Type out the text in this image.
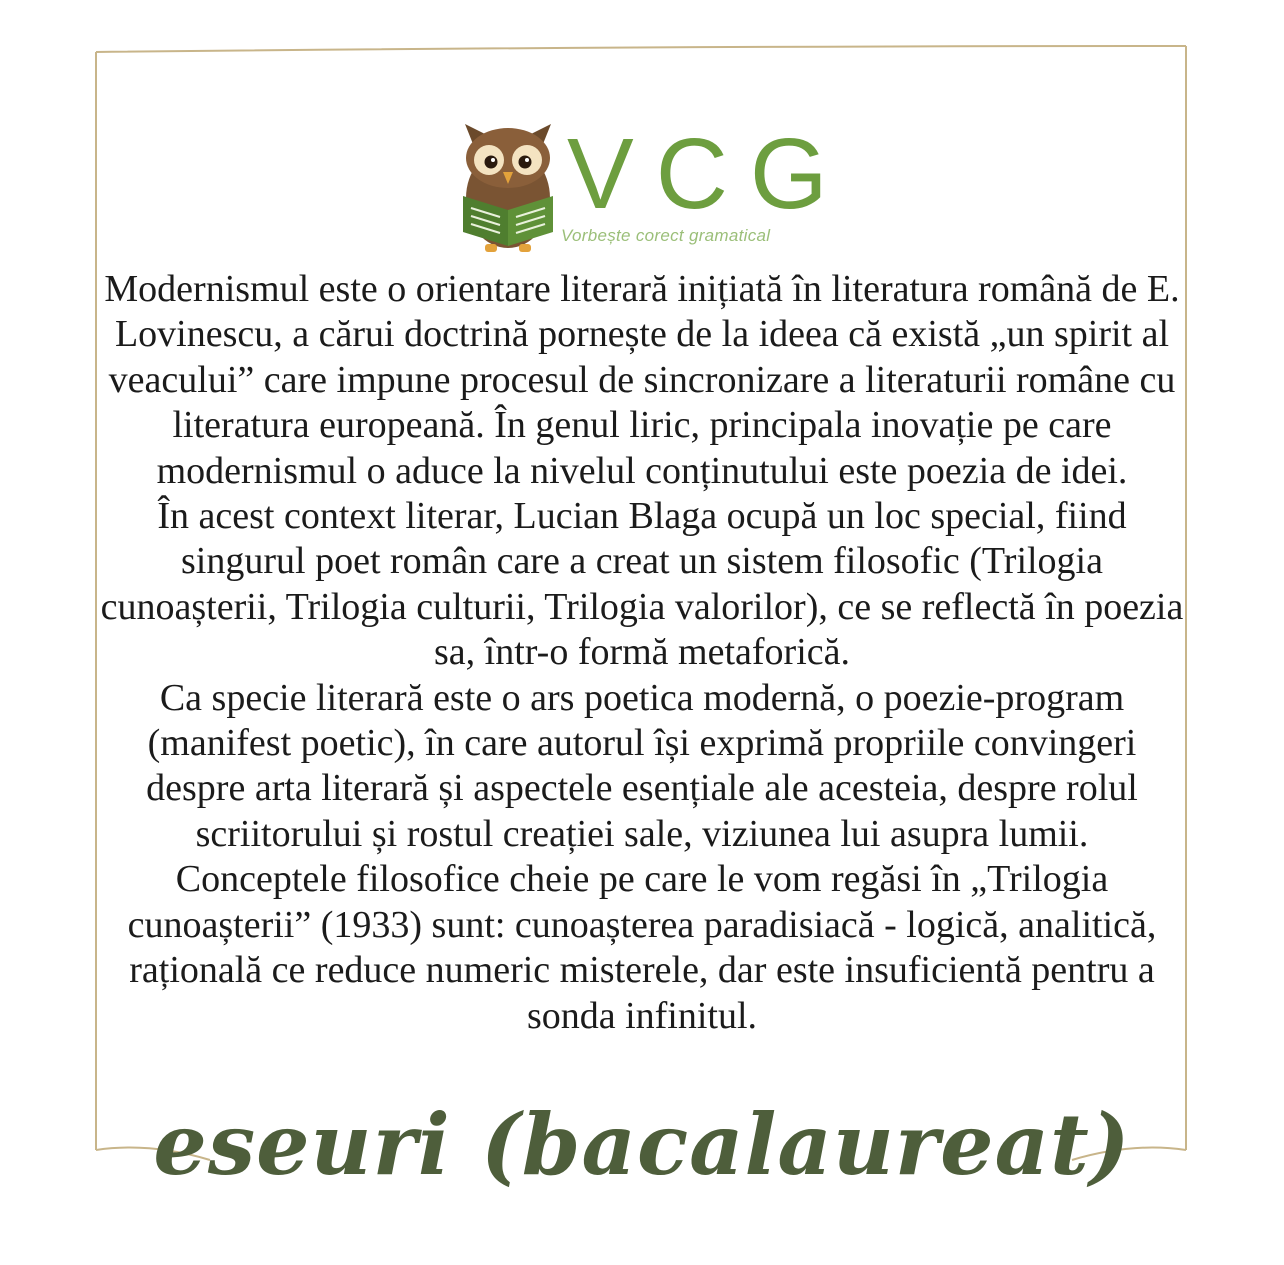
VCG
Vorbește corect gramatical

Modernismul este o orientare literară inițiată în literatura română de E. Lovinescu, a cărui doctrină pornește de la ideea că există „un spirit al veacului” care impune procesul de sincronizare a literaturii române cu literatura europeană. În genul liric, principala inovație pe care modernismul o aduce la nivelul conținutului este poezia de idei.

În acest context literar, Lucian Blaga ocupă un loc special, fiind singurul poet român care a creat un sistem filosofic (Trilogia cunoașterii, Trilogia culturii, Trilogia valorilor), ce se reflectă în poezia sa, într-o formă metaforică.

Ca specie literară este o ars poetica modernă, o poezie-program (manifest poetic), în care autorul își exprimă propriile convingeri despre arta literară și aspectele esențiale ale acesteia, despre rolul scriitorului și rostul creației sale, viziunea lui asupra lumii.

Conceptele filosofice cheie pe care le vom regăsi în „Trilogia cunoașterii” (1933) sunt: cunoașterea paradisiacă - logică, analitică, rațională ce reduce numeric misterele, dar este insuficientă pentru a sonda infinitul.

eseuri (bacalaureat)
